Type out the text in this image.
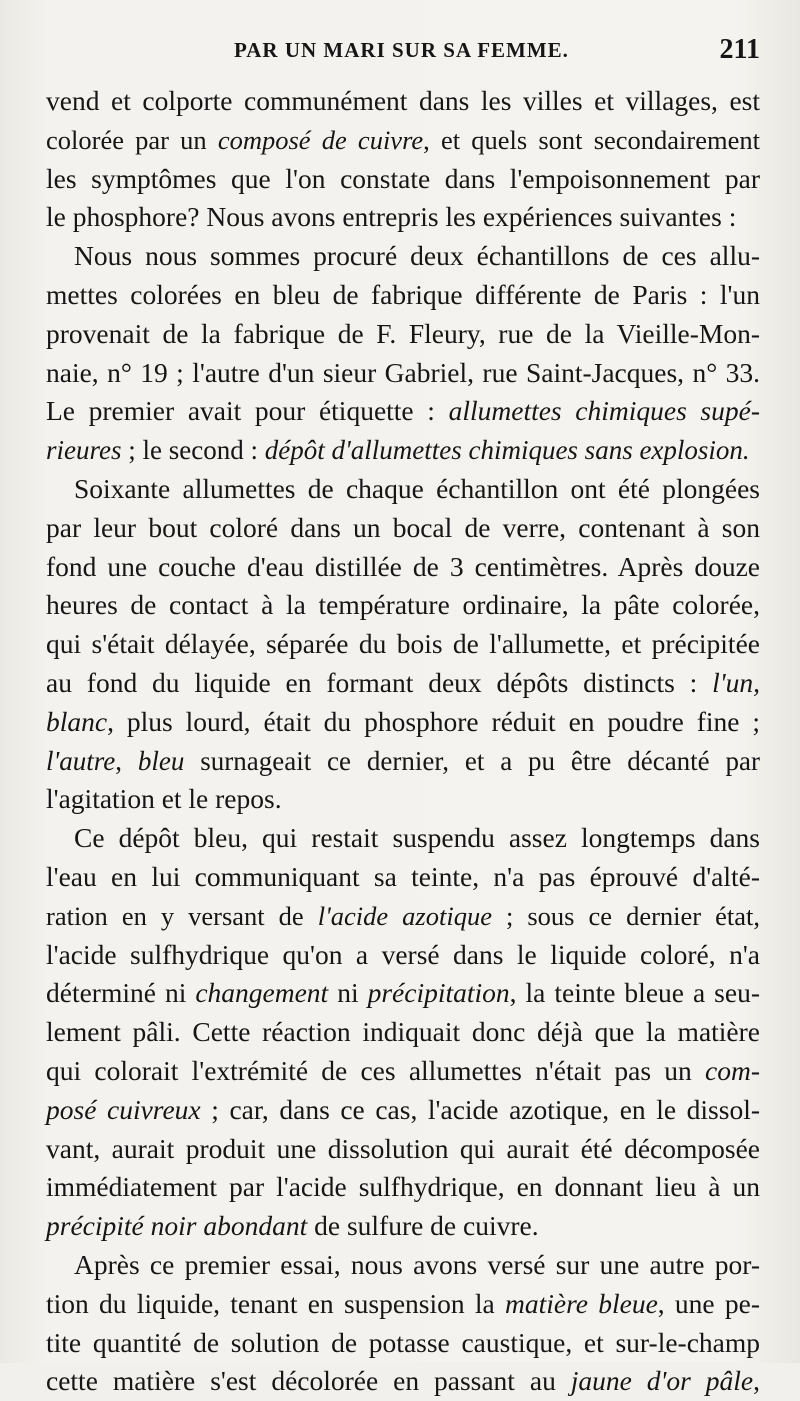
PAR UN MARI SUR SA FEMME.	211
vend et colporte communément dans les villes et villages, est
colorée par un composé de cuivre, et quels sont secondairement
les symptômes que l'on constate dans l'empoisonnement par
le phosphore? Nous avons entrepris les expériences suivantes :
Nous nous sommes procuré deux échantillons de ces allu-
mettes colorées en bleu de fabrique différente de Paris : l'un
provenait de la fabrique de F. Fleury, rue de la Vieille-Mon-
naie, n° 19 ; l'autre d'un sieur Gabriel, rue Saint-Jacques, n° 33.
Le premier avait pour étiquette : allumettes chimiques supé-
rieures ; le second : dépôt d'allumettes chimiques sans explosion.
Soixante allumettes de chaque échantillon ont été plongées
par leur bout coloré dans un bocal de verre, contenant à son
fond une couche d'eau distillée de 3 centimètres. Après douze
heures de contact à la température ordinaire, la pâte colorée,
qui s'était délayée, séparée du bois de l'allumette, et précipitée
au fond du liquide en formant deux dépôts distincts : l'un,
blanc, plus lourd, était du phosphore réduit en poudre fine ;
l'autre, bleu surnageait ce dernier, et a pu être décanté par
l'agitation et le repos.
Ce dépôt bleu, qui restait suspendu assez longtemps dans
l'eau en lui communiquant sa teinte, n'a pas éprouvé d'alté-
ration en y versant de l'acide azotique ; sous ce dernier état,
l'acide sulfhydrique qu'on a versé dans le liquide coloré, n'a
déterminé ni changement ni précipitation, la teinte bleue a seu-
lement pâli. Cette réaction indiquait donc déjà que la matière
qui colorait l'extrémité de ces allumettes n'était pas un com-
posé cuivreux ; car, dans ce cas, l'acide azotique, en le dissol-
vant, aurait produit une dissolution qui aurait été décomposée
immédiatement par l'acide sulfhydrique, en donnant lieu à un
précipité noir abondant de sulfure de cuivre.
Après ce premier essai, nous avons versé sur une autre por-
tion du liquide, tenant en suspension la matière bleue, une pe-
tite quantité de solution de potasse caustique, et sur-le-champ
cette matière s'est décolorée en passant au jaune d'or pâle,
